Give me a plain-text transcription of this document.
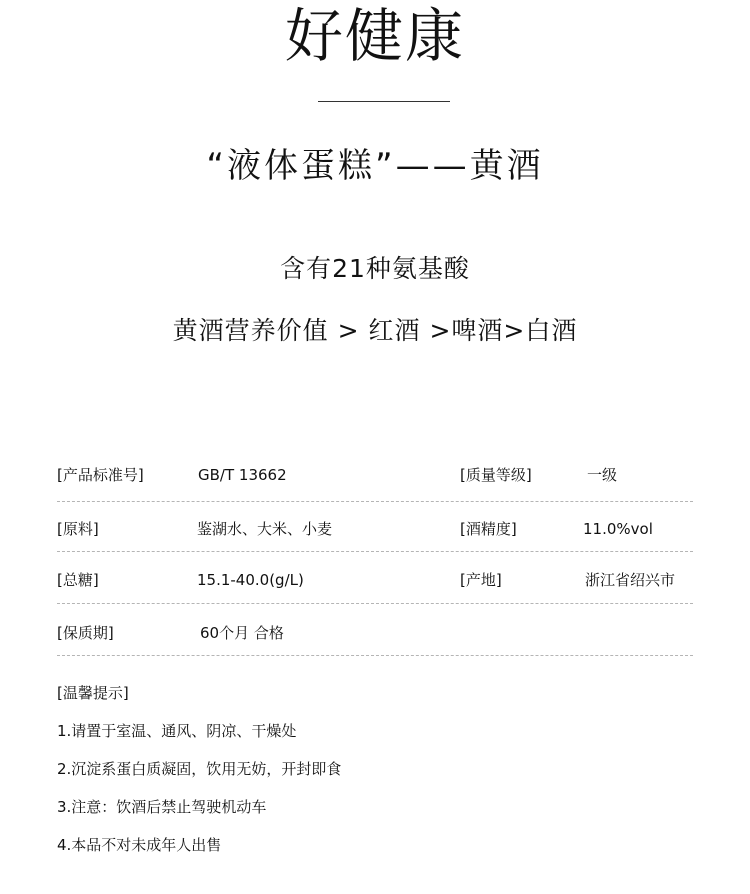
好健康
“液体蛋糕”——黄酒
含有21种氨基酸
黄酒营养价值 > 红酒 >啤酒>白酒
[产品标准号]	GB/T 13662	[质量等级]	一级
[原料]	鉴湖水、大米、小麦	[酒精度]	11.0%vol
[总糖]	15.1-40.0(g/L)	[产地]	浙江省绍兴市
[保质期]	60个月 合格
[温馨提示]
1.请置于室温、通风、阴凉、干燥处
2.沉淀系蛋白质凝固，饮用无妨，开封即食
3.注意：饮酒后禁止驾驶机动车
4.本品不对未成年人出售
